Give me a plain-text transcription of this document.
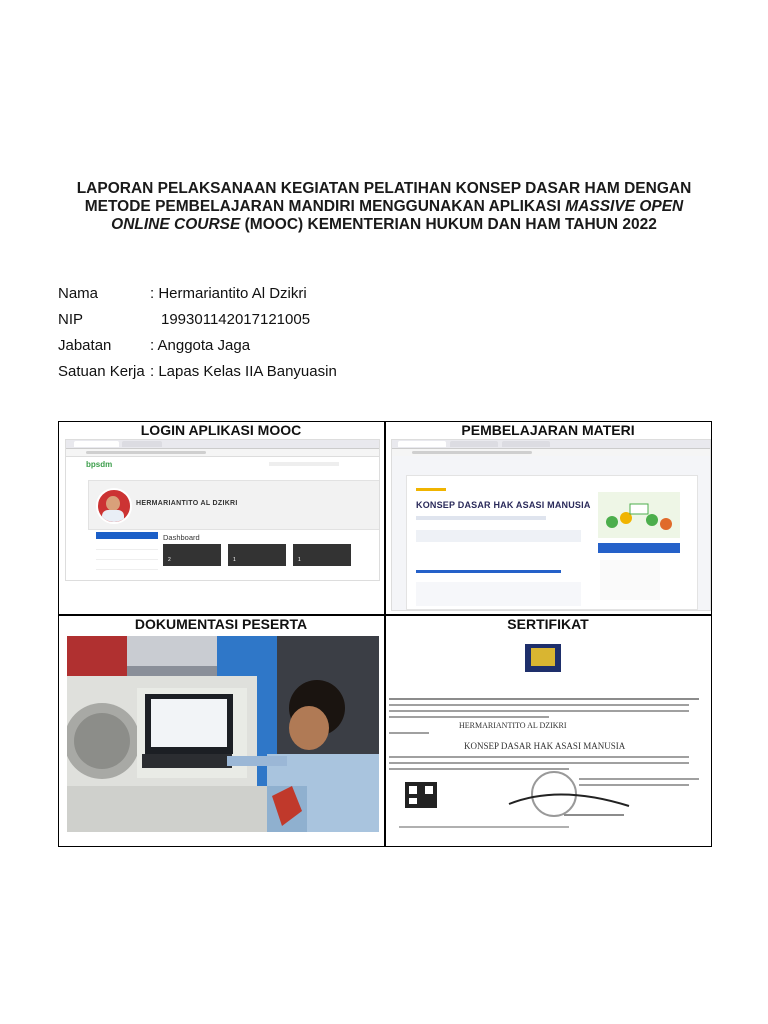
LAPORAN PELAKSANAAN KEGIATAN PELATIHAN KONSEP DASAR HAM DENGAN
METODE PEMBELAJARAN MANDIRI MENGGUNAKAN APLIKASI MASSIVE OPEN
ONLINE COURSE (MOOC) KEMENTERIAN HUKUM DAN HAM TAHUN 2022
Nama	: Hermariantito Al Dzikri
NIP	199301142017121005
Jabatan	: Anggota Jaga
Satuan Kerja : Lapas Kelas IIA Banyuasin
LOGIN APLIKASI MOOC	PEMBELAJARAN MATERI
DOKUMENTASI PESERTA	SERTIFIKAT
bpsdm
HERMARIANTITO AL DZIKRI
Dashboard
2	1	1
KONSEP DASAR HAK ASASI MANUSIA
HERMARIANTITO AL DZIKRI
KONSEP DASAR HAK ASASI MANUSIA
